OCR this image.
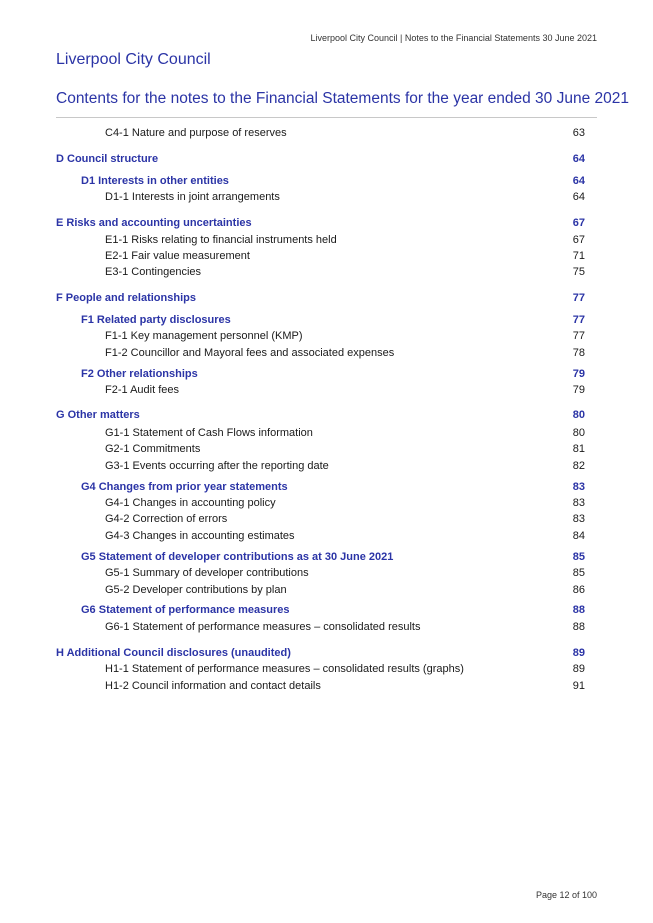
Liverpool City Council | Notes to the Financial Statements 30 June 2021
Liverpool City Council
Contents for the notes to the Financial Statements for the year ended 30 June 2021
C4-1 Nature and purpose of reserves	63
D Council structure	64
D1 Interests in other entities	64
D1-1 Interests in joint arrangements	64
E Risks and accounting uncertainties	67
E1-1 Risks relating to financial instruments held	67
E2-1 Fair value measurement	71
E3-1 Contingencies	75
F People and relationships	77
F1 Related party disclosures	77
F1-1 Key management personnel (KMP)	77
F1-2 Councillor and Mayoral fees and associated expenses	78
F2 Other relationships	79
F2-1 Audit fees	79
G Other matters	80
G1-1 Statement of Cash Flows information	80
G2-1 Commitments	81
G3-1 Events occurring after the reporting date	82
G4 Changes from prior year statements	83
G4-1 Changes in accounting policy	83
G4-2 Correction of errors	83
G4-3 Changes in accounting estimates	84
G5 Statement of developer contributions as at 30 June 2021	85
G5-1 Summary of developer contributions	85
G5-2 Developer contributions by plan	86
G6 Statement of performance measures	88
G6-1 Statement of performance measures – consolidated results	88
H Additional Council disclosures (unaudited)	89
H1-1 Statement of performance measures – consolidated results (graphs)	89
H1-2 Council information and contact details	91
Page 12 of 100
